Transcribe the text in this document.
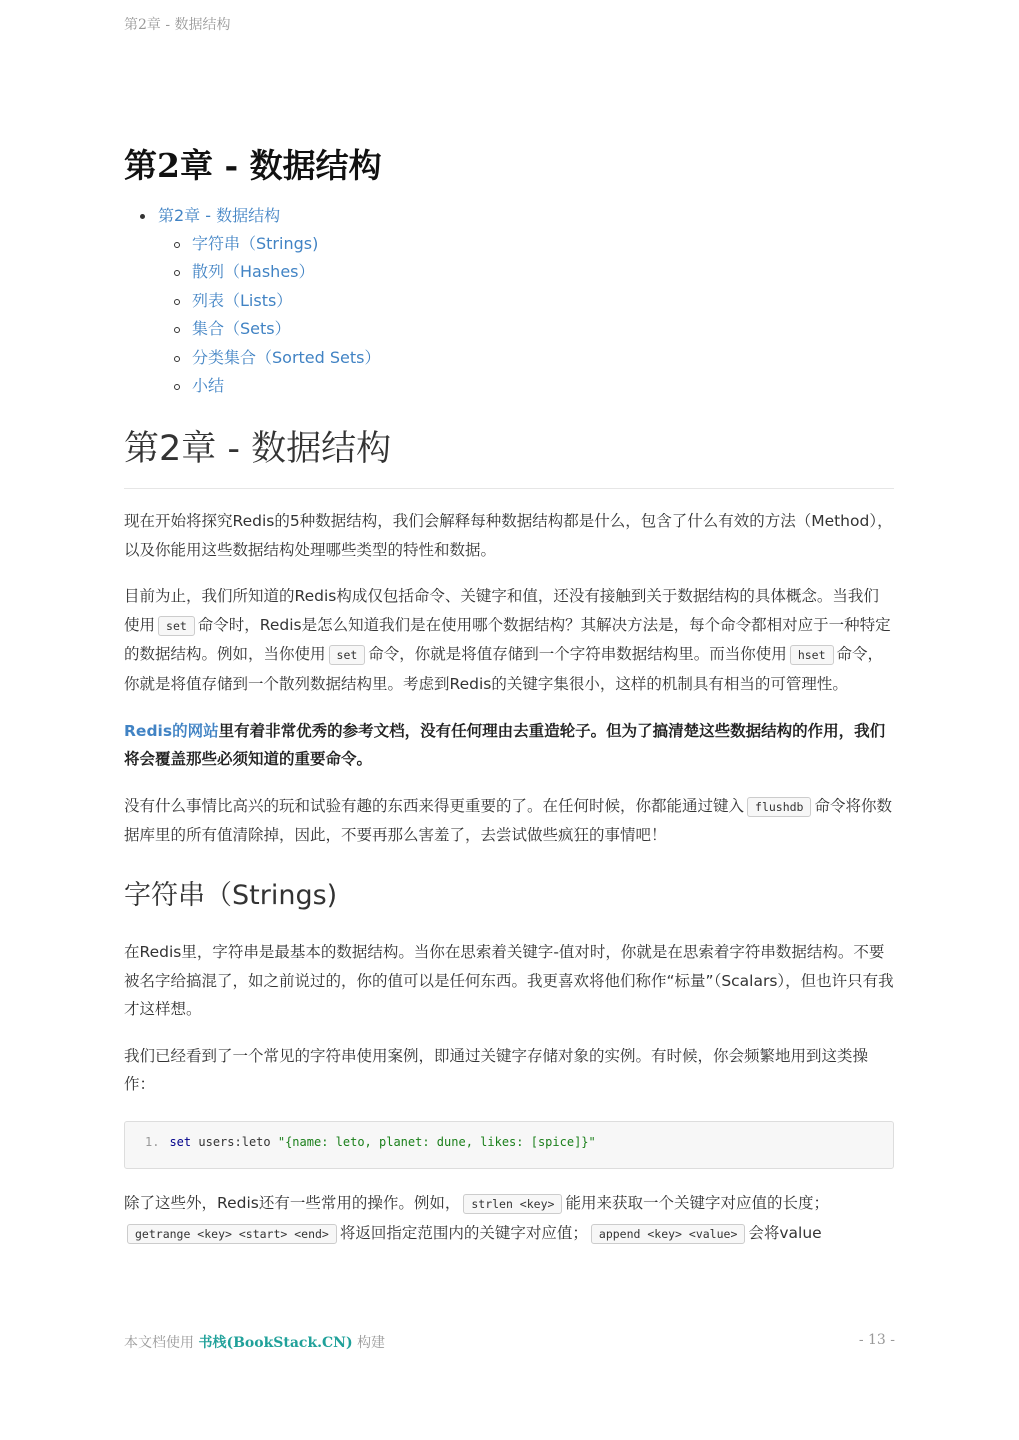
第2章 - 数据结构
第2章 - 数据结构
第2章 - 数据结构
字符串（Strings)
散列（Hashes）
列表（Lists）
集合（Sets）
分类集合（Sorted Sets）
小结
第2章 - 数据结构

现在开始将探究Redis的5种数据结构，我们会解释每种数据结构都是什么，包含了什么有效的方法（Method），以及你能用这些数据结构处理哪些类型的特性和数据。

目前为止，我们所知道的Redis构成仅包括命令、关键字和值，还没有接触到关于数据结构的具体概念。当我们使用 set 命令时，Redis是怎么知道我们是在使用哪个数据结构？其解决方法是，每个命令都相对应于一种特定的数据结构。例如，当你使用 set 命令，你就是将值存储到一个字符串数据结构里。而当你使用 hset 命令，你就是将值存储到一个散列数据结构里。考虑到Redis的关键字集很小，这样的机制具有相当的可管理性。

Redis的网站里有着非常优秀的参考文档，没有任何理由去重造轮子。但为了搞清楚这些数据结构的作用，我们将会覆盖那些必须知道的重要命令。

没有什么事情比高兴的玩和试验有趣的东西来得更重要的了。在任何时候，你都能通过键入 flushdb 命令将你数据库里的所有值清除掉，因此，不要再那么害羞了，去尝试做些疯狂的事情吧！

字符串（Strings)

在Redis里，字符串是最基本的数据结构。当你在思索着关键字-值对时，你就是在思索着字符串数据结构。不要被名字给搞混了，如之前说过的，你的值可以是任何东西。我更喜欢将他们称作“标量”（Scalars），但也许只有我才这样想。

我们已经看到了一个常见的字符串使用案例，即通过关键字存储对象的实例。有时候，你会频繁地用到这类操作：

1. set users:leto "{name: leto, planet: dune, likes: [spice]}"

除了这些外，Redis还有一些常用的操作。例如， strlen <key> 能用来获取一个关键字对应值的长度；getrange <key> <start> <end> 将返回指定范围内的关键字对应值； append <key> <value> 会将value

本文档使用 书栈(BookStack.CN) 构建	- 13 -
